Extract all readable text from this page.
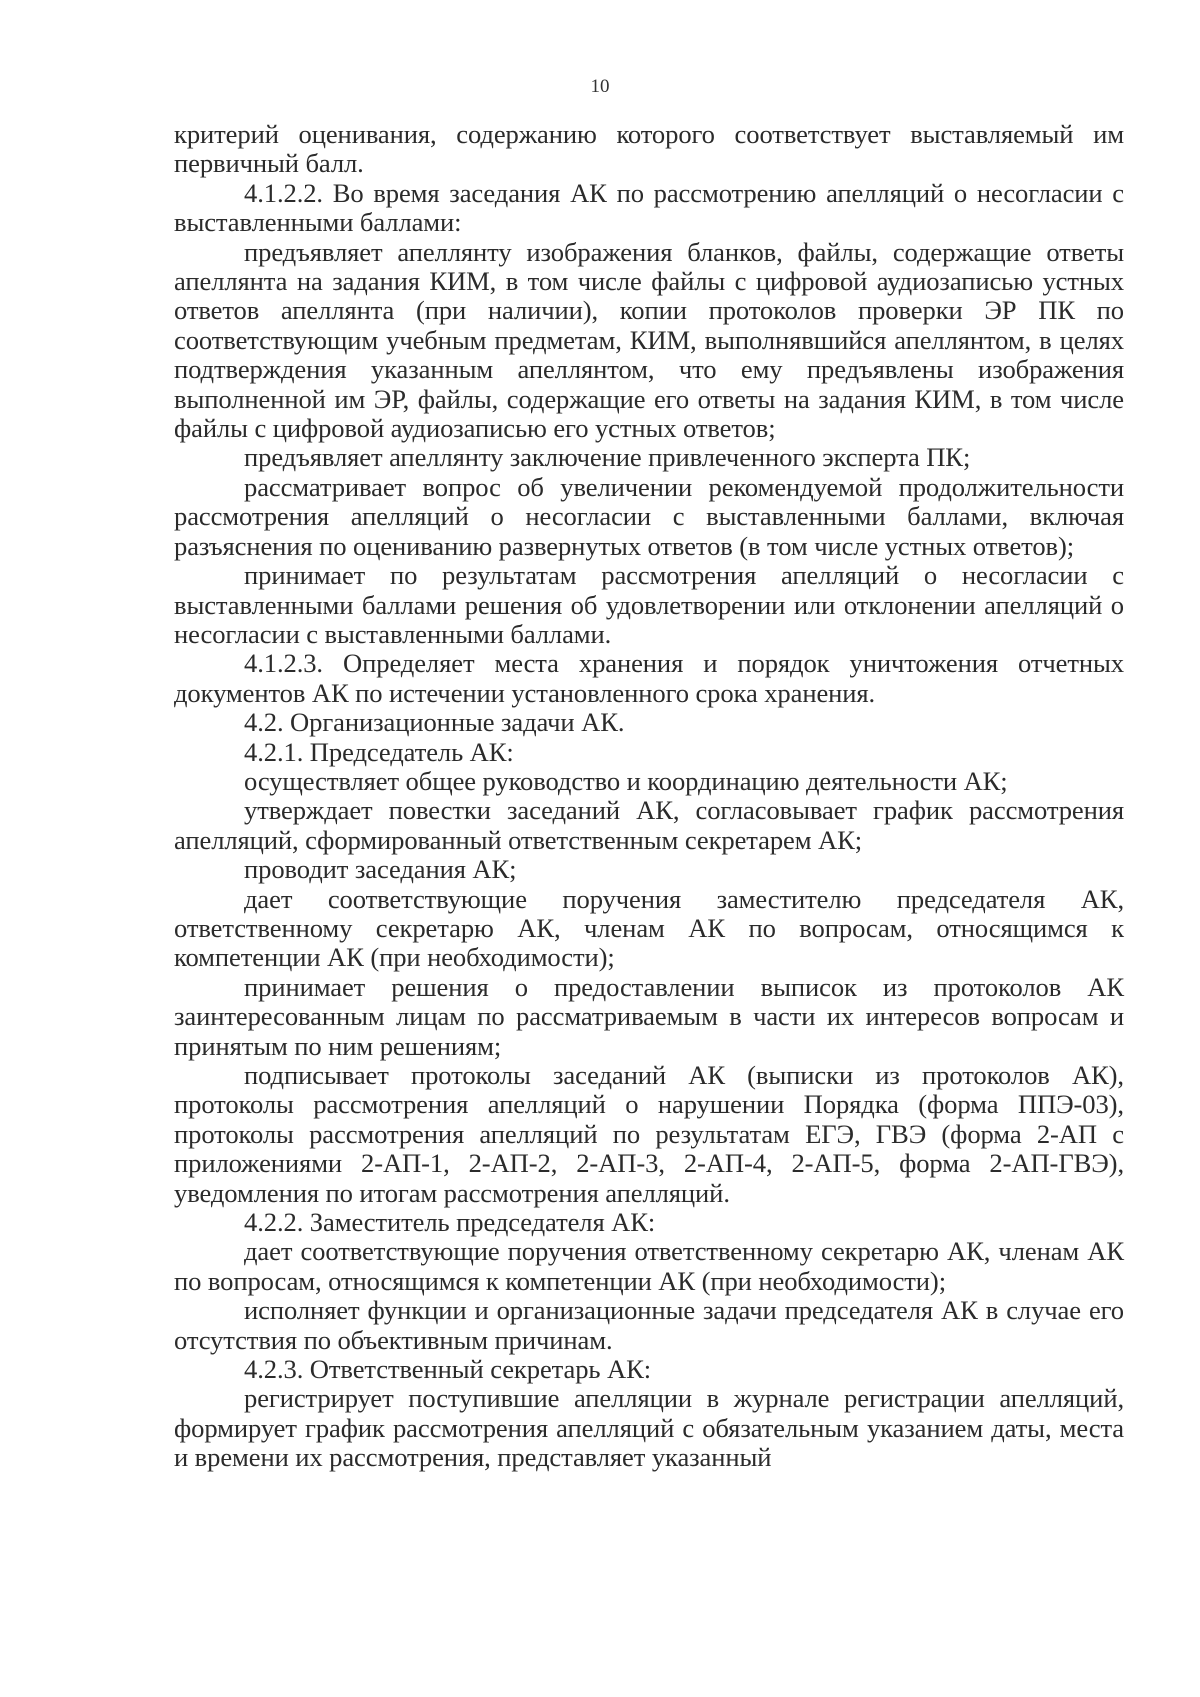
10

критерий оценивания, содержанию которого соответствует выставляемый им первичный балл.

4.1.2.2. Во время заседания АК по рассмотрению апелляций о несогласии с выставленными баллами:

предъявляет апеллянту изображения бланков, файлы, содержащие ответы апеллянта на задания КИМ, в том числе файлы с цифровой аудиозаписью устных ответов апеллянта (при наличии), копии протоколов проверки ЭР ПК по соответствующим учебным предметам, КИМ, выполнявшийся апеллянтом, в целях подтверждения указанным апеллянтом, что ему предъявлены изображения выполненной им ЭР, файлы, содержащие его ответы на задания КИМ, в том числе файлы с цифровой аудиозаписью его устных ответов;

предъявляет апеллянту заключение привлеченного эксперта ПК;

рассматривает вопрос об увеличении рекомендуемой продолжительности рассмотрения апелляций о несогласии с выставленными баллами, включая разъяснения по оцениванию развернутых ответов (в том числе устных ответов);

принимает по результатам рассмотрения апелляций о несогласии с выставленными баллами решения об удовлетворении или отклонении апелляций о несогласии с выставленными баллами.

4.1.2.3. Определяет места хранения и порядок уничтожения отчетных документов АК по истечении установленного срока хранения.

4.2. Организационные задачи АК.

4.2.1. Председатель АК:

осуществляет общее руководство и координацию деятельности АК;

утверждает повестки заседаний АК, согласовывает график рассмотрения апелляций, сформированный ответственным секретарем АК;

проводит заседания АК;

дает соответствующие поручения заместителю председателя АК, ответственному секретарю АК, членам АК по вопросам, относящимся к компетенции АК (при необходимости);

принимает решения о предоставлении выписок из протоколов АК заинтересованным лицам по рассматриваемым в части их интересов вопросам и принятым по ним решениям;

подписывает протоколы заседаний АК (выписки из протоколов АК), протоколы рассмотрения апелляций о нарушении Порядка (форма ППЭ-03), протоколы рассмотрения апелляций по результатам ЕГЭ, ГВЭ (форма 2-АП с приложениями 2-АП-1, 2-АП-2, 2-АП-3, 2-АП-4, 2-АП-5, форма 2-АП-ГВЭ), уведомления по итогам рассмотрения апелляций.

4.2.2. Заместитель председателя АК:

дает соответствующие поручения ответственному секретарю АК, членам АК по вопросам, относящимся к компетенции АК (при необходимости);

исполняет функции и организационные задачи председателя АК в случае его отсутствия по объективным причинам.

4.2.3. Ответственный секретарь АК:

регистрирует поступившие апелляции в журнале регистрации апелляций, формирует график рассмотрения апелляций с обязательным указанием даты, места и времени их рассмотрения, представляет указанный
